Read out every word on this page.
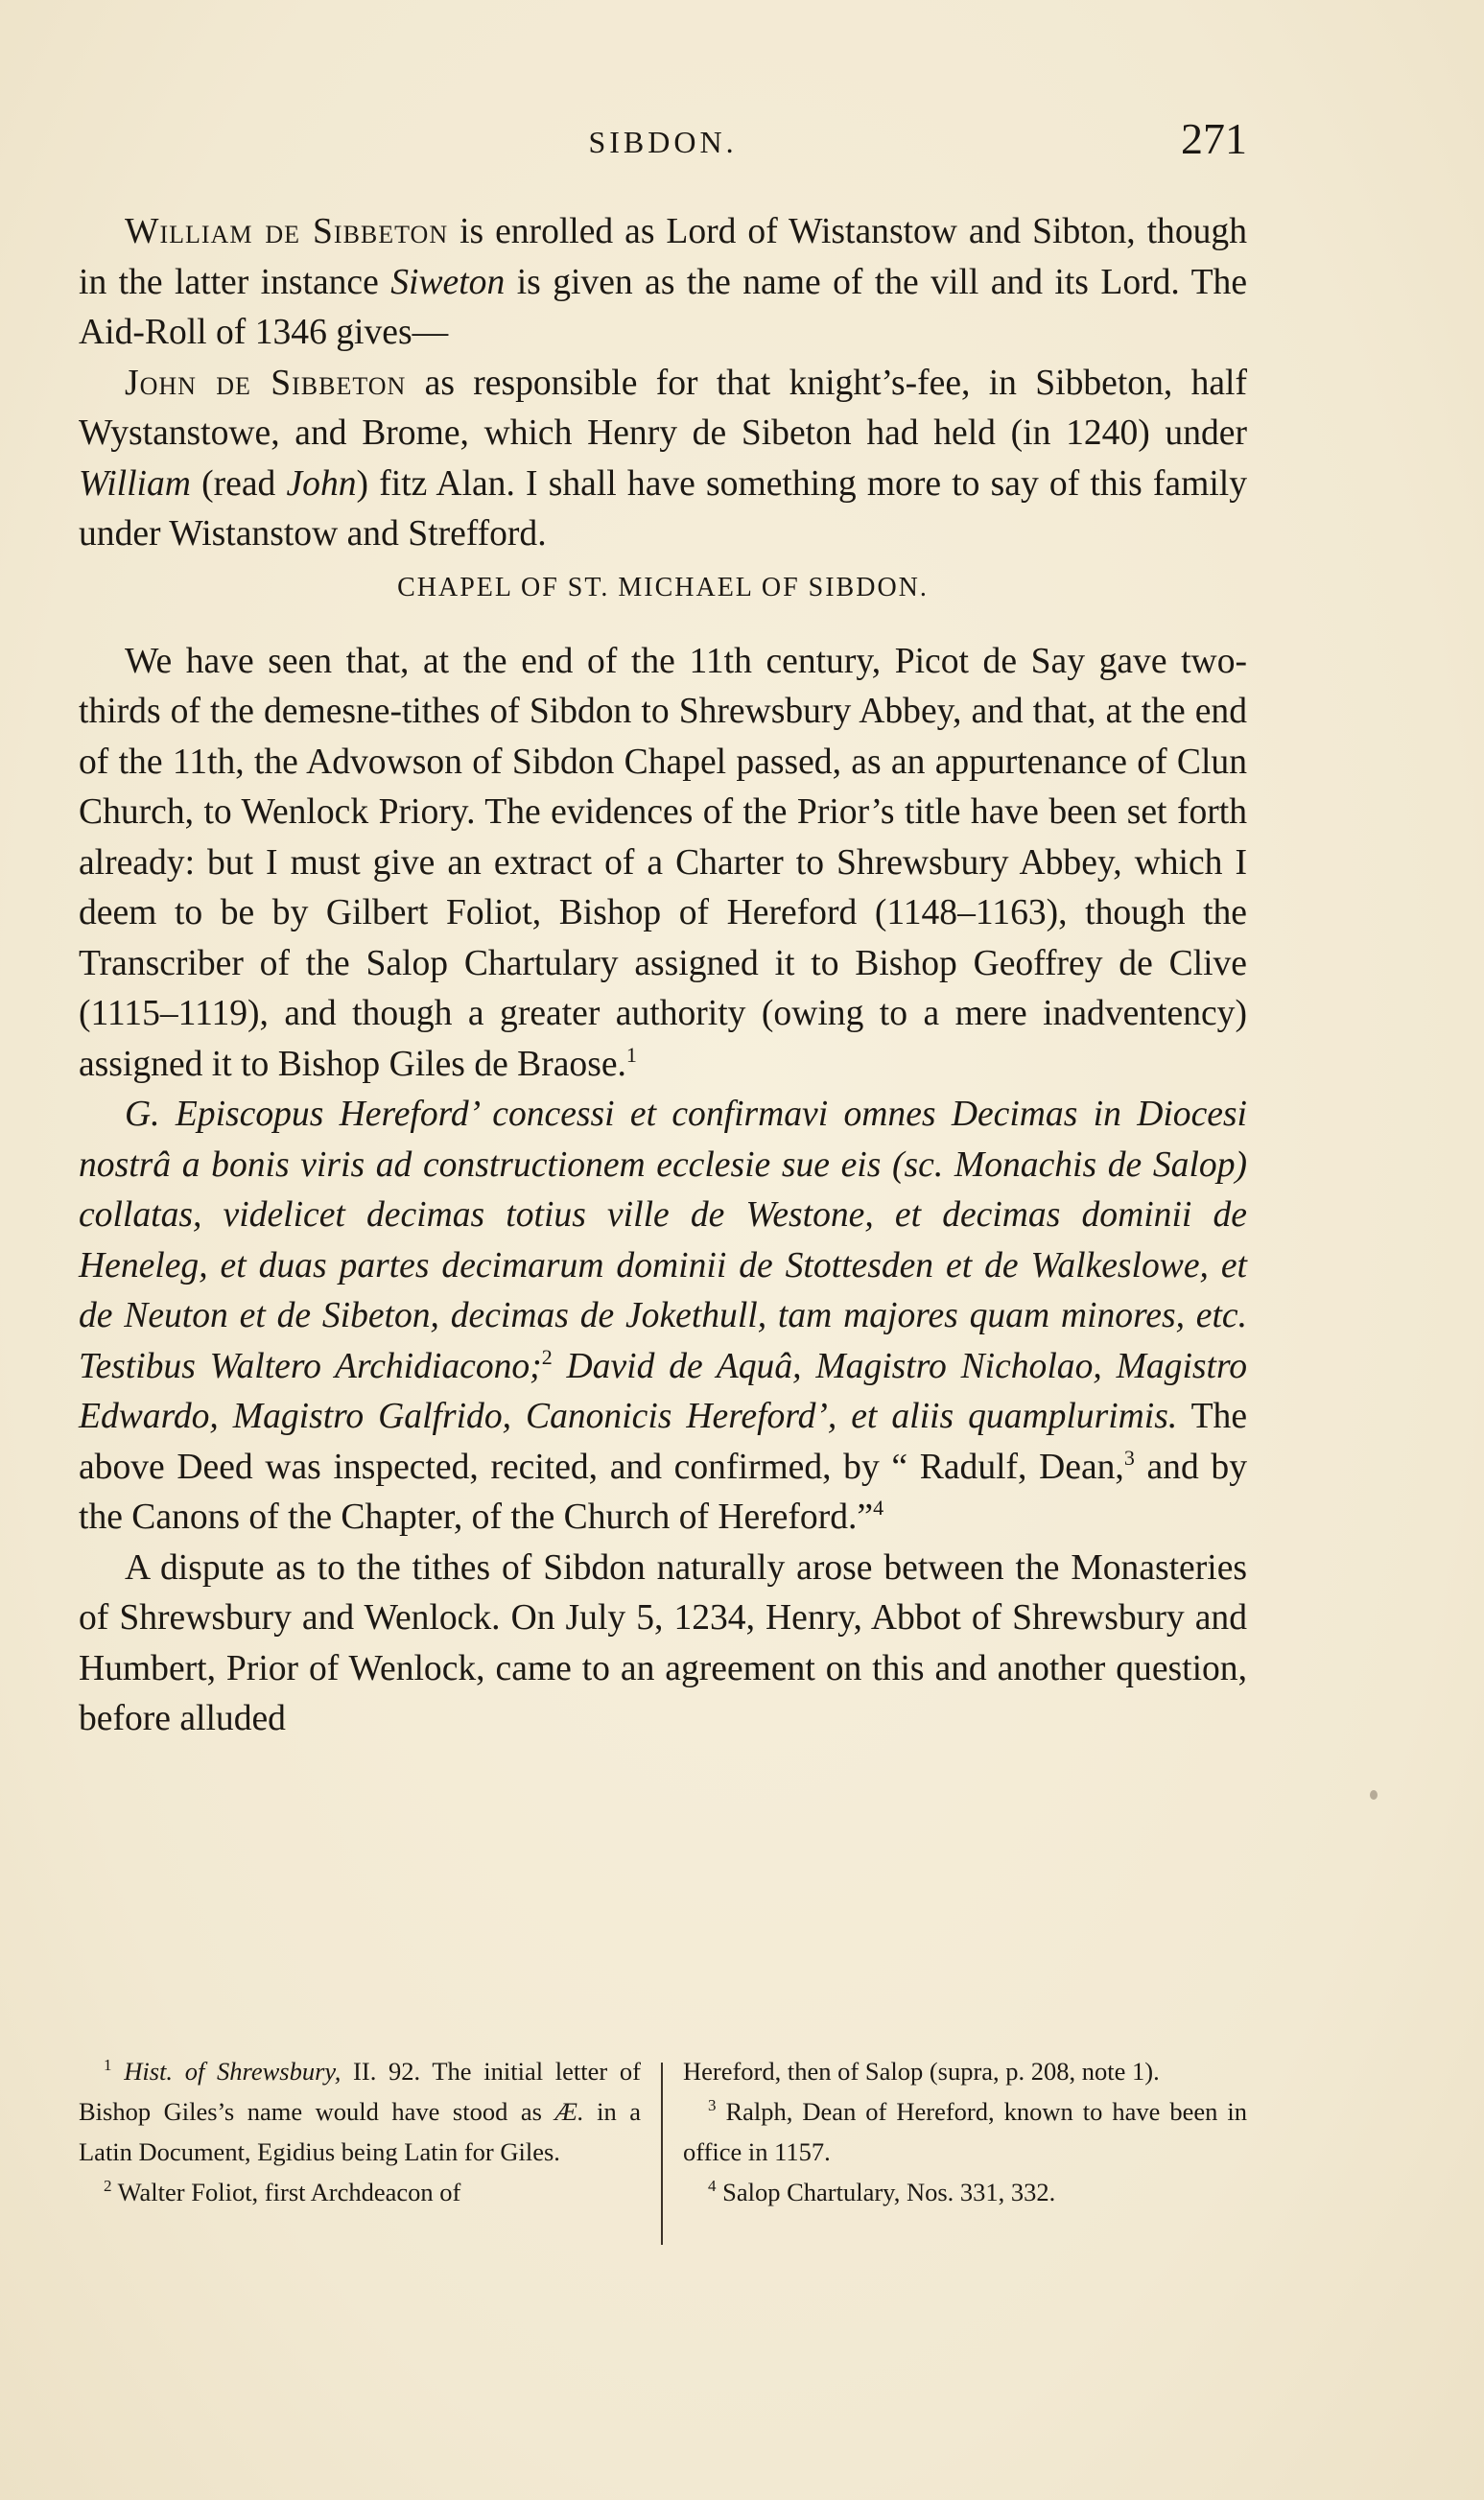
SIBDON.	271

William de Sibbeton is enrolled as Lord of Wistanstow and Sibton, though in the latter instance Siweton is given as the name of the vill and its Lord. The Aid-Roll of 1346 gives—

John de Sibbeton as responsible for that knight’s-fee, in Sibbeton, half Wystanstowe, and Brome, which Henry de Sibeton had held (in 1240) under William (read John) fitz Alan. I shall have something more to say of this family under Wistanstow and Strefford.

CHAPEL OF ST. MICHAEL OF SIBDON.

We have seen that, at the end of the 11th century, Picot de Say gave two-thirds of the demesne-tithes of Sibdon to Shrewsbury Abbey, and that, at the end of the 11th, the Advowson of Sibdon Chapel passed, as an appurtenance of Clun Church, to Wenlock Priory. The evidences of the Prior’s title have been set forth already: but I must give an extract of a Charter to Shrewsbury Abbey, which I deem to be by Gilbert Foliot, Bishop of Hereford (1148–1163), though the Transcriber of the Salop Chartulary assigned it to Bishop Geoffrey de Clive (1115–1119), and though a greater authority (owing to a mere inadventency) assigned it to Bishop Giles de Braose.$^1$

G. Episcopus Hereford’ concessi et confirmavi omnes Decimas in Diocesi nostrâ a bonis viris ad constructionem ecclesie sue eis (sc. Monachis de Salop) collatas, videlicet decimas totius ville de Westone, et decimas dominii de Heneleg, et duas partes decimarum dominii de Stottesden et de Walkeslowe, et de Neuton et de Sibeton, decimas de Jokethull, tam majores quam minores, etc. Testibus Waltero Archidiacono;$^2$ David de Aquâ, Magistro Nicholao, Magistro Edwardo, Magistro Galfrido, Canonicis Hereford’, et aliis quamplurimis. The above Deed was inspected, recited, and confirmed, by “ Radulf, Dean,$^3$ and by the Canons of the Chapter, of the Church of Hereford.”$^4$

A dispute as to the tithes of Sibdon naturally arose between the Monasteries of Shrewsbury and Wenlock. On July 5, 1234, Henry, Abbot of Shrewsbury and Humbert, Prior of Wenlock, came to an agreement on this and another question, before alluded

$^1$ Hist. of Shrewsbury, II. 92. The initial letter of Bishop Giles’s name would have stood as Æ. in a Latin Document, Egidius being Latin for Giles.

$^2$ Walter Foliot, first Archdeacon of

Hereford, then of Salop (supra, p. 208, note 1).

$^3$ Ralph, Dean of Hereford, known to have been in office in 1157.

$^4$ Salop Chartulary, Nos. 331, 332.
